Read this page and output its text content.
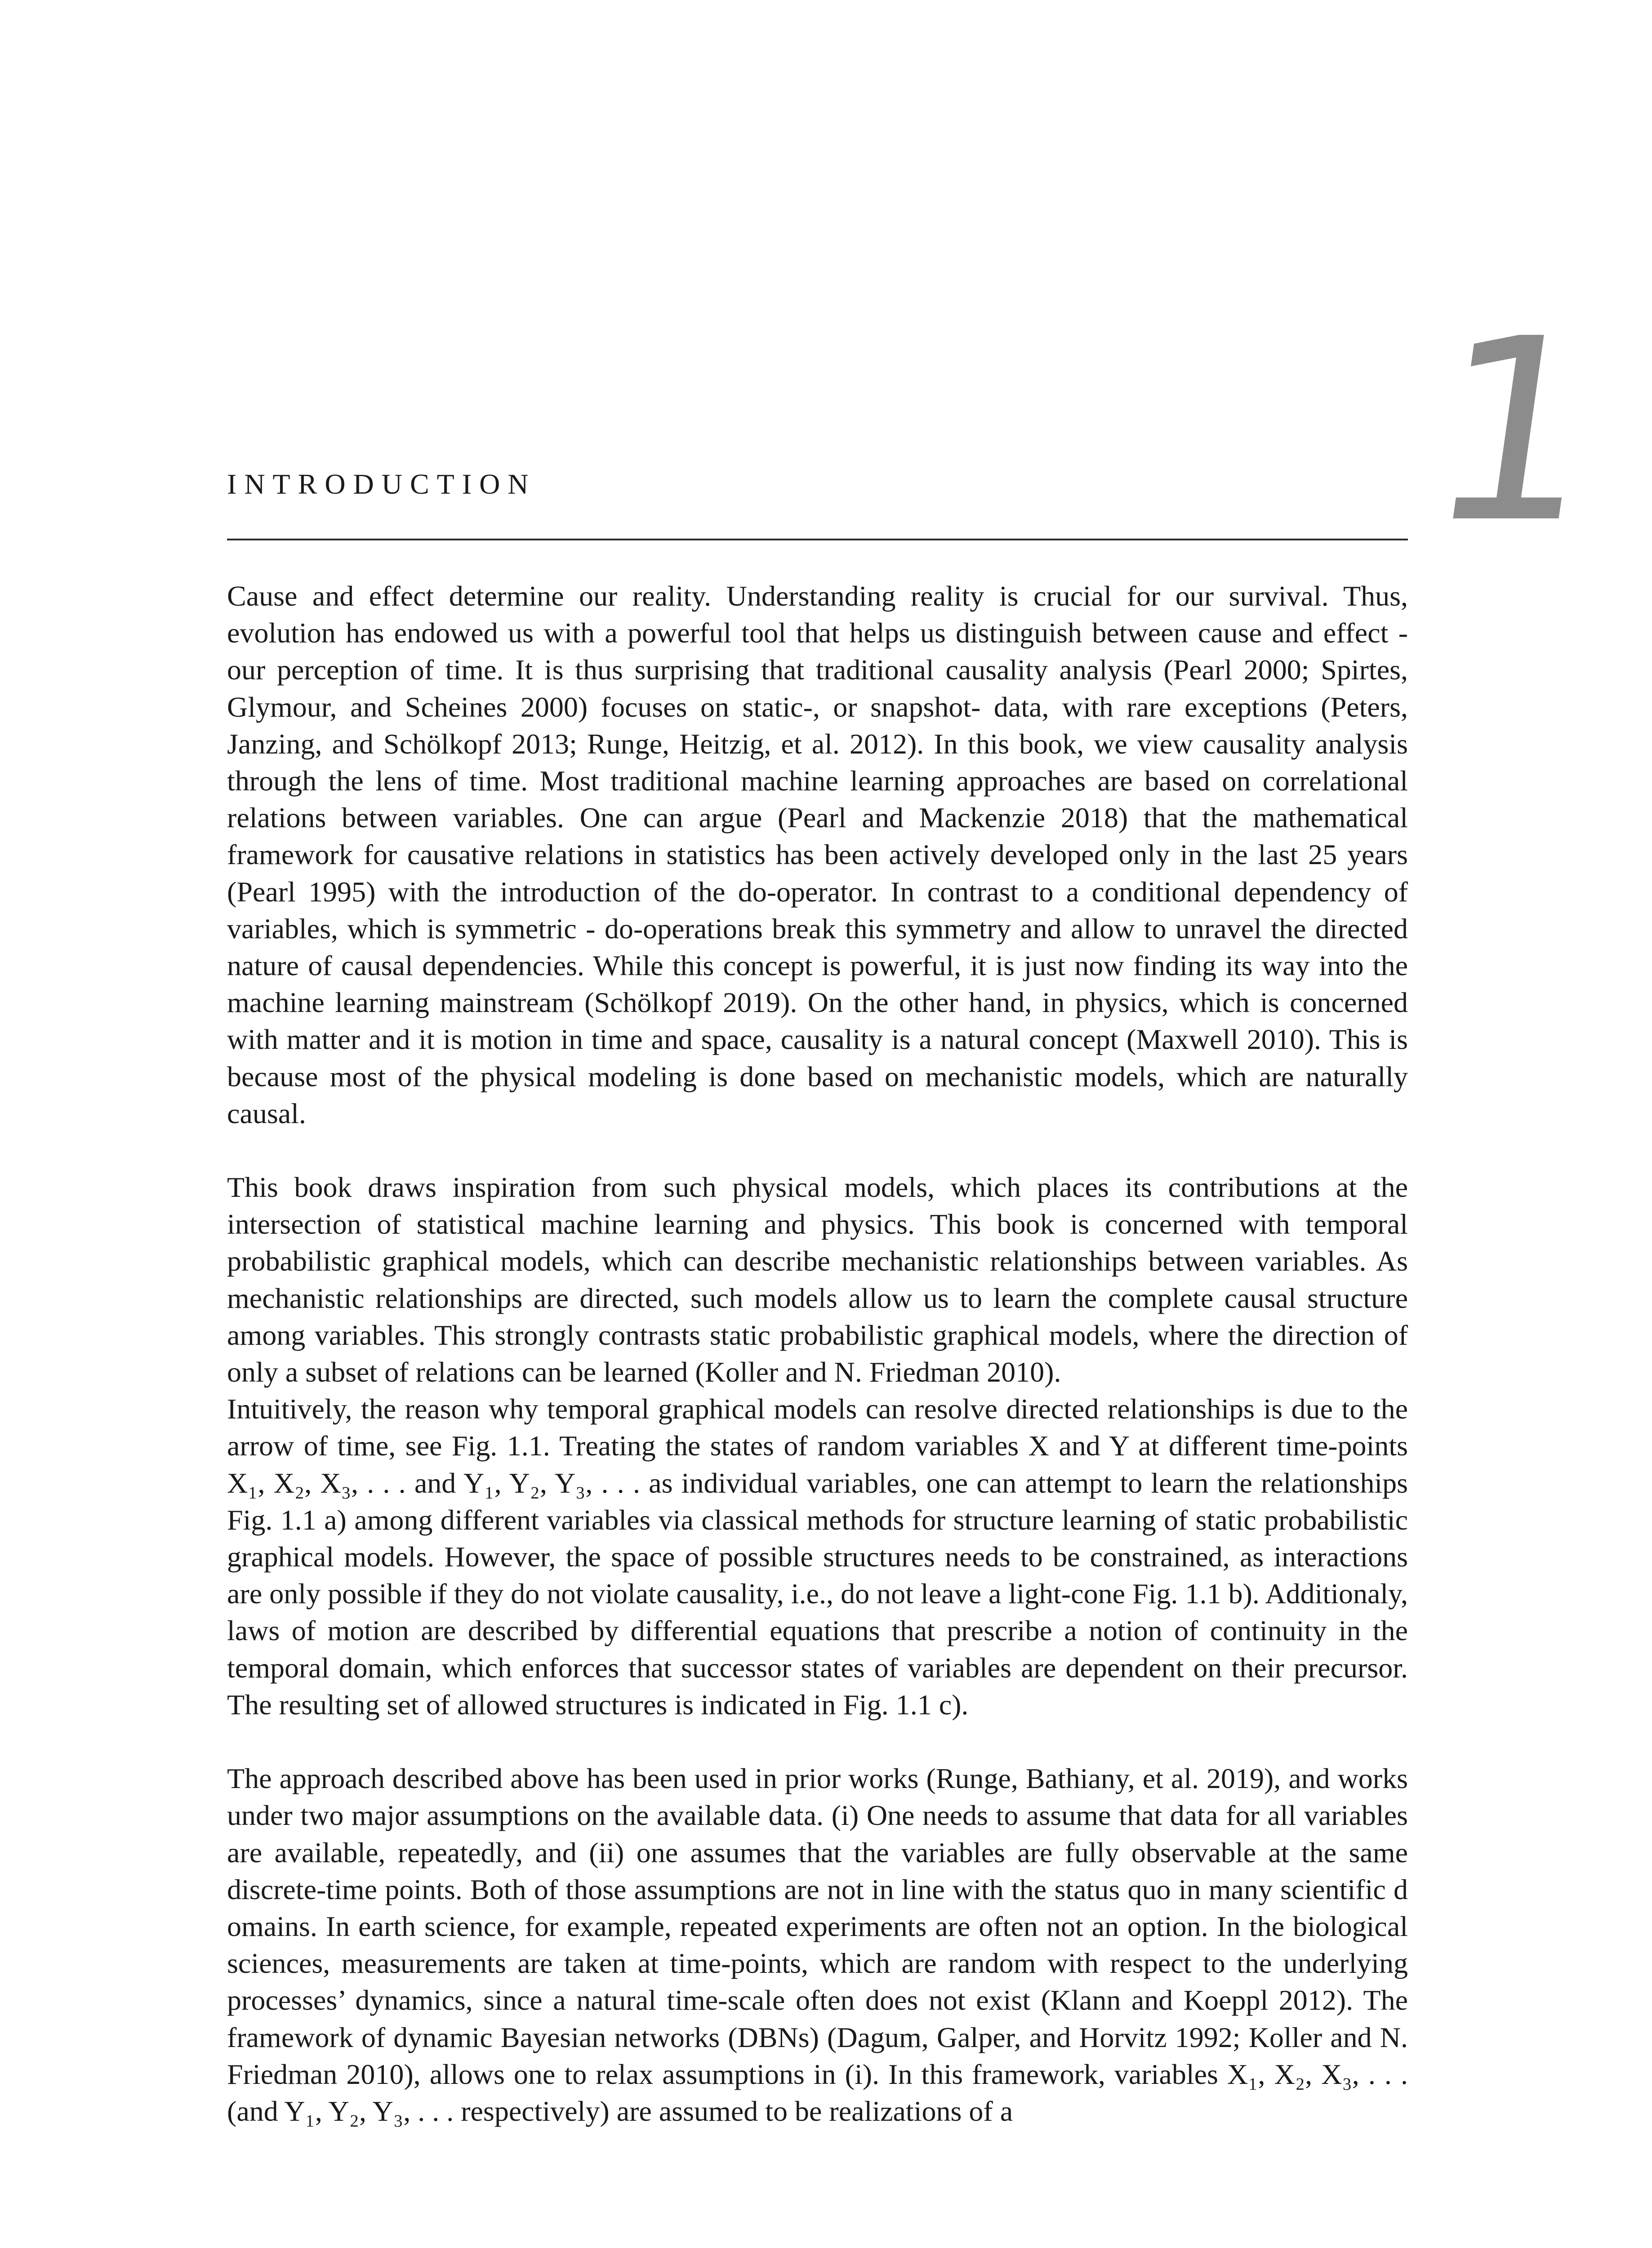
1
INTRODUCTION

Cause and effect determine our reality. Understanding reality is crucial for our survival. Thus, evolution has endowed us with a powerful tool that helps us distinguish between cause and effect - our perception of time. It is thus surprising that traditional causality analysis (Pearl 2000; Spirtes, Glymour, and Scheines 2000) focuses on static-, or snapshot- data, with rare exceptions (Peters, Janzing, and Schölkopf 2013; Runge, Heitzig, et al. 2012). In this book, we view causality analysis through the lens of time. Most traditional machine learning approaches are based on correlational relations between variables. One can argue (Pearl and Mackenzie 2018) that the mathematical framework for causative relations in statistics has been actively developed only in the last 25 years (Pearl 1995) with the introduction of the do-operator. In contrast to a conditional dependency of variables, which is symmetric - do-operations break this symmetry and allow to unravel the directed nature of causal dependencies. While this concept is powerful, it is just now finding its way into the machine learning mainstream (Schölkopf 2019). On the other hand, in physics, which is concerned with matter and it is motion in time and space, causality is a natural concept (Maxwell 2010). This is because most of the physical modeling is done based on mechanistic models, which are naturally causal.

This book draws inspiration from such physical models, which places its contributions at the intersection of statistical machine learning and physics. This book is concerned with temporal probabilistic graphical models, which can describe mechanistic relationships between variables. As mechanistic relationships are directed, such models allow us to learn the complete causal structure among variables. This strongly contrasts static probabilistic graphical models, where the direction of only a subset of relations can be learned (Koller and N. Friedman 2010).

Intuitively, the reason why temporal graphical models can resolve directed relationships is due to the arrow of time, see Fig. 1.1. Treating the states of random variables X and Y at different time-points X₁, X₂, X₃, . . . and Y₁, Y₂, Y₃, . . . as individual variables, one can attempt to learn the relationships Fig. 1.1 a) among different variables via classical methods for structure learning of static probabilistic graphical models. However, the space of possible structures needs to be constrained, as interactions are only possible if they do not violate causality, i.e., do not leave a light-cone Fig. 1.1 b). Additionaly, laws of motion are described by differential equations that prescribe a notion of continuity in the temporal domain, which enforces that successor states of variables are dependent on their precursor. The resulting set of allowed structures is indicated in Fig. 1.1 c).

The approach described above has been used in prior works (Runge, Bathiany, et al. 2019), and works under two major assumptions on the available data. (i) One needs to assume that data for all variables are available, repeatedly, and (ii) one assumes that the variables are fully observable at the same discrete-time points. Both of those assumptions are not in line with the status quo in many scientific d omains. In earth science, for example, repeated experiments are often not an option. In the biological sciences, measurements are taken at time-points, which are random with respect to the underlying processes’ dynamics, since a natural time-scale often does not exist (Klann and Koeppl 2012). The framework of dynamic Bayesian networks (DBNs) (Dagum, Galper, and Horvitz 1992; Koller and N. Friedman 2010), allows one to relax assumptions in (i). In this framework, variables X₁, X₂, X₃, . . . (and Y₁, Y₂, Y₃, . . . respectively) are assumed to be realizations of a
